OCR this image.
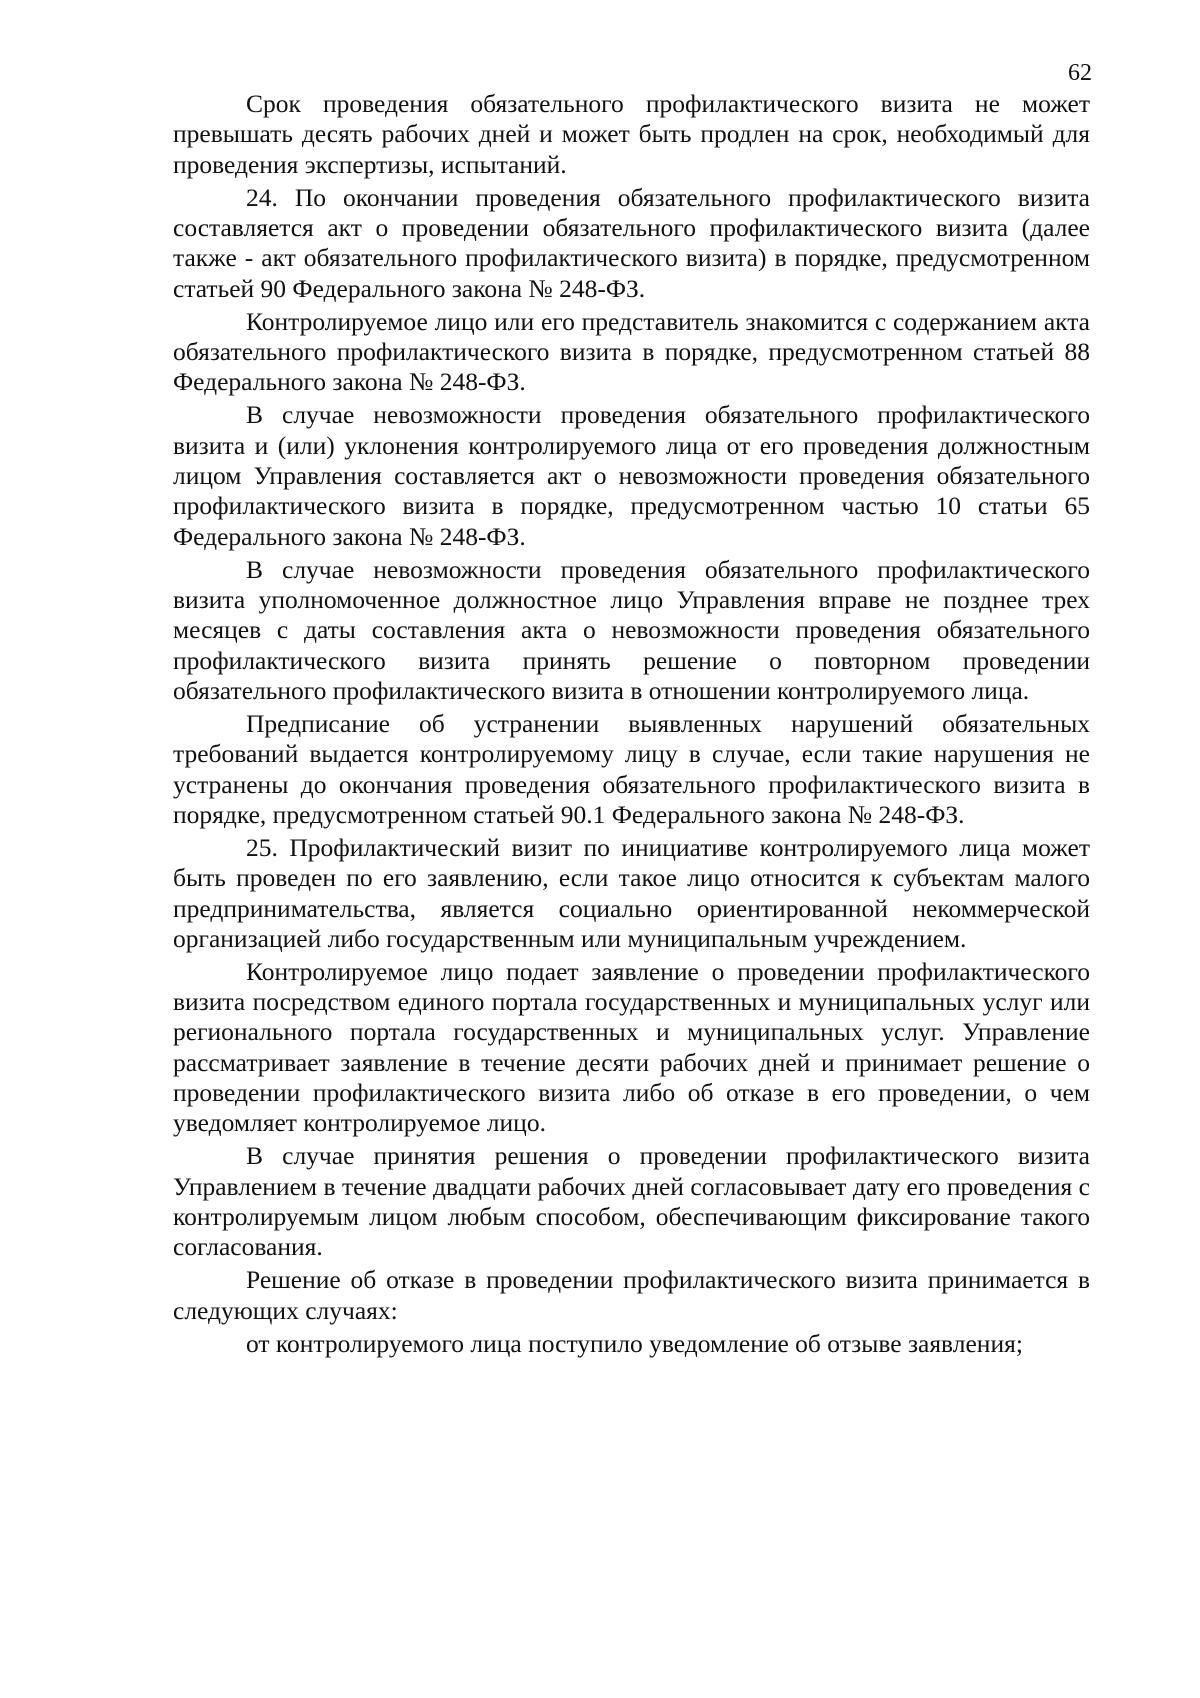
62

Срок проведения обязательного профилактического визита не может превышать десять рабочих дней и может быть продлен на срок, необходимый для проведения экспертизы, испытаний.

24. По окончании проведения обязательного профилактического визита составляется акт о проведении обязательного профилактического визита (далее также - акт обязательного профилактического визита) в порядке, предусмотренном статьей 90 Федерального закона № 248-ФЗ.

Контролируемое лицо или его представитель знакомится с содержанием акта обязательного профилактического визита в порядке, предусмотренном статьей 88 Федерального закона № 248-ФЗ.

В случае невозможности проведения обязательного профилактического визита и (или) уклонения контролируемого лица от его проведения должностным лицом Управления составляется акт о невозможности проведения обязательного профилактического визита в порядке, предусмотренном частью 10 статьи 65 Федерального закона № 248-ФЗ.

В случае невозможности проведения обязательного профилактического визита уполномоченное должностное лицо Управления вправе не позднее трех месяцев с даты составления акта о невозможности проведения обязательного профилактического визита принять решение о повторном проведении обязательного профилактического визита в отношении контролируемого лица.

Предписание об устранении выявленных нарушений обязательных требований выдается контролируемому лицу в случае, если такие нарушения не устранены до окончания проведения обязательного профилактического визита в порядке, предусмотренном статьей 90.1 Федерального закона № 248-ФЗ.

25. Профилактический визит по инициативе контролируемого лица может быть проведен по его заявлению, если такое лицо относится к субъектам малого предпринимательства, является социально ориентированной некоммерческой организацией либо государственным или муниципальным учреждением.

Контролируемое лицо подает заявление о проведении профилактического визита посредством единого портала государственных и муниципальных услуг или регионального портала государственных и муниципальных услуг. Управление рассматривает заявление в течение десяти рабочих дней и принимает решение о проведении профилактического визита либо об отказе в его проведении, о чем уведомляет контролируемое лицо.

В случае принятия решения о проведении профилактического визита Управлением в течение двадцати рабочих дней согласовывает дату его проведения с контролируемым лицом любым способом, обеспечивающим фиксирование такого согласования.

Решение об отказе в проведении профилактического визита принимается в следующих случаях:

от контролируемого лица поступило уведомление об отзыве заявления;
